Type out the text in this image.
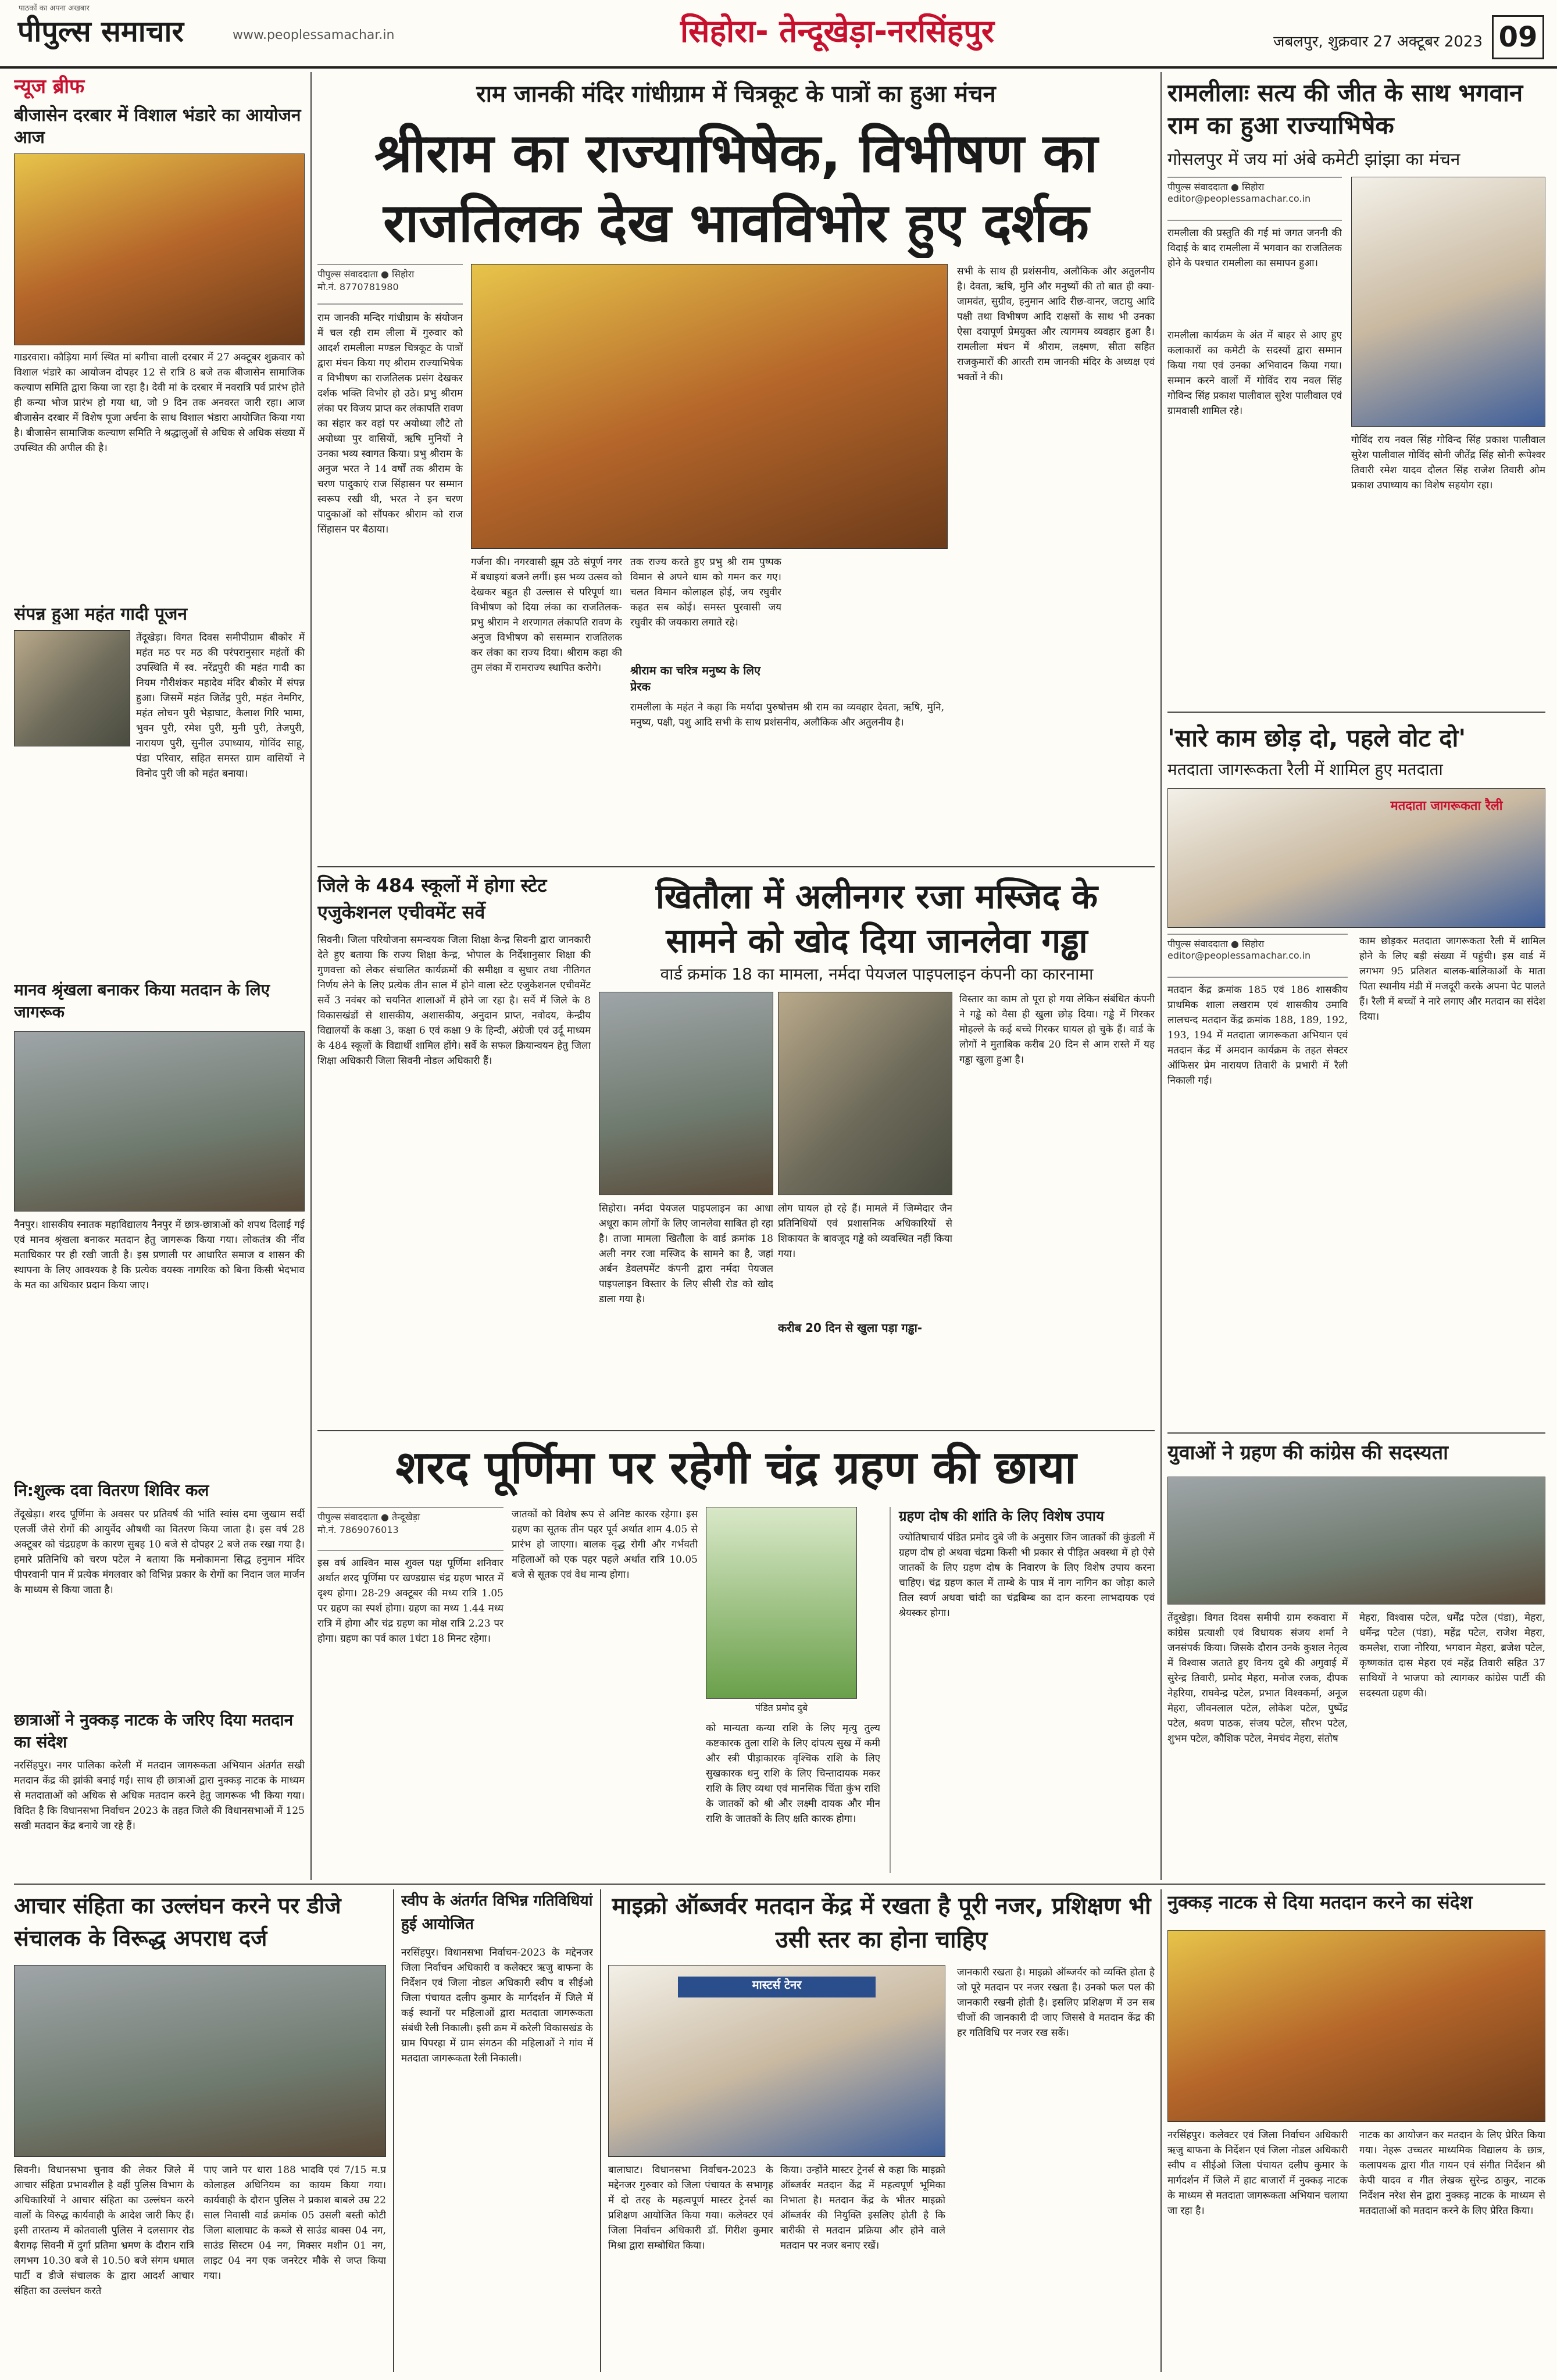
पीपुल्स समाचार
पाठकों का अपना अखबार
www.peoplessamachar.in	सिहोरा- तेन्दूखेड़ा-नरसिंहपुर	जबलपुर, शुक्रवार 27 अक्टूबर 2023 09
न्यूज ब्रीफ
बीजासेन दरबार में विशाल भंडारे का आयोजन आज
गाडरवारा। कौड़िया मार्ग स्थित मां बगीचा वाली दरबार में 27 अक्टूबर शुक्रवार को विशाल भंडारे का आयोजन दोपहर 12 से रात्रि 8 बजे तक बीजासेन सामाजिक कल्याण समिति द्वारा किया जा रहा है। देवी मां के दरबार में नवरात्रि पर्व प्रारंभ होते ही कन्या भोज प्रारंभ हो गया था, जो 9 दिन तक अनवरत जारी रहा। आज बीजासेन दरबार में विशेष पूजा अर्चना के साथ विशाल भंडारा आयोजित किया गया है। बीजासेन सामाजिक कल्याण समिति ने श्रद्धालुओं से अधिक से अधिक संख्या में उपस्थित की अपील की है।
संपन्न हुआ महंत गादी पूजन
तेंदूखेड़ा। विगत दिवस समीपीग्राम बीकोर में महंत मठ पर मठ की परंपरानुसार महंतों की उपस्थिति में स्व. नरेंद्रपुरी की महंत गादी का नियम गौरीशंकर महादेव मंदिर बीकोर में संपन्न हुआ। जिसमें महंत जितेंद्र पुरी, महंत नेमगिर, महंत लोचन पुरी भेड़ाघाट, कैलाश गिरि भामा, भुवन पुरी, रमेश पुरी, मुनी पुरी, तेजपुरी, नारायण पुरी, सुनील उपाध्याय, गोविंद साहू, पंडा परिवार, सहित समस्त ग्राम वासियों ने विनोद पुरी जी को महंत बनाया।
मानव श्रृंखला बनाकर किया मतदान के लिए जागरूक
नैनपुर। शासकीय स्नातक महाविद्यालय नैनपुर में छात्र-छात्राओं को शपथ दिलाई गई एवं मानव श्रृंखला बनाकर मतदान हेतु जागरूक किया गया। लोकतंत्र की नींव मताधिकार पर ही रखी जाती है। इस प्रणाली पर आधारित समाज व शासन की स्थापना के लिए आवश्यक है कि प्रत्येक वयस्क नागरिक को बिना किसी भेदभाव के मत का अधिकार प्रदान किया जाए।
नि:शुल्क दवा वितरण शिविर कल
तेंदूखेड़ा। शरद पूर्णिमा के अवसर पर प्रतिवर्ष की भांति स्वांस दमा जुखाम सर्दी एलर्जी जैसे रोगों की आयुर्वेद औषधी का वितरण किया जाता है। इस वर्ष 28 अक्टूबर को चंद्रग्रहण के कारण सुबह 10 बजे से दोपहर 2 बजे तक रखा गया है। हमारे प्रतिनिधि को चरण पटेल ने बताया कि मनोकामना सिद्ध हनुमान मंदिर पीपरवानी पान में प्रत्येक मंगलवार को विभिन्न प्रकार के रोगों का निदान जल मार्जन के माध्यम से किया जाता है।
छात्राओं ने नुक्कड़ नाटक के जरिए दिया मतदान का संदेश
नरसिंहपुर। नगर पालिका करेली में मतदान जागरूकता अभियान अंतर्गत सखी मतदान केंद्र की झांकी बनाई गई। साथ ही छात्राओं द्वारा नुक्कड़ नाटक के माध्यम से मतदाताओं को अधिक से अधिक मतदान करने हेतु जागरूक भी किया गया। विदित है कि विधानसभा निर्वाचन 2023 के तहत जिले की विधानसभाओं में 125 सखी मतदान केंद्र बनाये जा रहे हैं।
राम जानकी मंदिर गांधीग्राम में चित्रकूट के पात्रों का हुआ मंचन
श्रीराम का राज्याभिषेक, विभीषण का
राजतिलक देख भावविभोर हुए दर्शक
पीपुल्स संवाददाता ● सिहोरा
मो.नं. 8770781980
राम जानकी मन्दिर गांधीग्राम के संयोजन में चल रही राम लीला में गुरुवार को आदर्श रामलीला मण्डल चित्रकूट के पात्रों द्वारा मंचन किया गए श्रीराम राज्याभिषेक व विभीषण का राजतिलक प्रसंग देखकर दर्शक भक्ति विभोर हो उठे। प्रभु श्रीराम लंका पर विजय प्राप्त कर लंकापति रावण का संहार कर वहां पर अयोध्या लौटे तो अयोध्या पुर वासियों, ऋषि मुनियों ने उनका भव्य स्वागत किया। प्रभु श्रीराम के अनुज भरत ने 14 वर्षों तक श्रीराम के चरण पादुकाएं राज सिंहासन पर सम्मान स्वरूप रखी थी, भरत ने इन चरण पादुकाओं को सौंपकर श्रीराम को राज सिंहासन पर बैठाया।
गर्जना की। नगरवासी झूम उठे संपूर्ण नगर में बधाइयां बजने लगीं। इस भव्य उत्सव को देखकर बहुत ही उल्लास से परिपूर्ण था। विभीषण को दिया लंका का राजतिलक- प्रभु श्रीराम ने शरणागत लंकापति रावण के अनुज विभीषण को ससम्मान राजतिलक कर लंका का राज्य दिया। श्रीराम कहा की तुम लंका में रामराज्य स्थापित करोगे।
तक राज्य करते हुए प्रभु श्री राम पुष्पक विमान से अपने धाम को गमन कर गए। चलत विमान कोलाहल होई, जय रघुवीर कहत सब कोई। समस्त पुरवासी जय रघुवीर की जयकारा लगाते रहे।
श्रीराम का चरित्र मनुष्य के लिए प्रेरक
रामलीला के महंत ने कहा कि मर्यादा पुरुषोत्तम श्री राम का व्यवहार देवता, ऋषि, मुनि, मनुष्य, पक्षी, पशु आदि सभी के साथ प्रशंसनीय, अलौकिक और अतुलनीय है।
सभी के साथ ही प्रशंसनीय, अलौकिक और अतुलनीय है। देवता, ऋषि, मुनि और मनुष्यों की तो बात ही क्या- जामवंत, सुग्रीव, हनुमान आदि रीछ-वानर, जटायु आदि पक्षी तथा विभीषण आदि राक्षसों के साथ भी उनका ऐसा दयापूर्ण प्रेमयुक्त और त्यागमय व्यवहार हुआ है। रामलीला मंचन में श्रीराम, लक्ष्मण, सीता सहित राजकुमारों की आरती राम जानकी मंदिर के अध्यक्ष एवं भक्तों ने की।
रामलीलाः सत्य की जीत के साथ भगवान राम का हुआ राज्याभिषेक
गोसलपुर में जय मां अंबे कमेटी झांझा का मंचन
पीपुल्स संवाददाता ● सिहोरा
editor@peoplessamachar.co.in
रामलीला की प्रस्तुति की गई मां जगत जननी की विदाई के बाद रामलीला में भगवान का राजतिलक होने के पश्चात रामलीला का समापन हुआ।
रामलीला कार्यक्रम के अंत में बाहर से आए हुए कलाकारों का कमेटी के सदस्यों द्वारा सम्मान किया गया एवं उनका अभिवादन किया गया। सम्मान करने वालों में गोविंद राय नवल सिंह गोविन्द सिंह प्रकाश पालीवाल सुरेश पालीवाल एवं ग्रामवासी शामिल रहे।
गोविंद राय नवल सिंह गोविन्द सिंह प्रकाश पालीवाल सुरेश पालीवाल गोविंद सोनी जीतेंद्र सिंह सोनी रूपेश्वर तिवारी रमेश यादव दौलत सिंह राजेश तिवारी ओम प्रकाश उपाध्याय का विशेष सहयोग रहा।
'सारे काम छोड़ दो, पहले वोट दो'
मतदाता जागरूकता रैली में शामिल हुए मतदाता
मतदाता जागरूकता रैली
पीपुल्स संवाददाता ● सिहोरा
editor@peoplessamachar.co.in
मतदान केंद्र क्रमांक 185 एवं 186 शासकीय प्राथमिक शाला लखराम एवं शासकीय उमावि लालचन्द मतदान केंद्र क्रमांक 188, 189, 192, 193, 194 में मतदाता जागरूकता अभियान एवं मतदान केंद्र में अमदान कार्यक्रम के तहत सेक्टर ऑफिसर प्रेम नारायण तिवारी के प्रभारी में रैली निकाली गई।
काम छोड़कर मतदाता जागरूकता रैली में शामिल होने के लिए बड़ी संख्या में पहुंची। इस वार्ड में लगभग 95 प्रतिशत बालक-बालिकाओं के माता पिता स्थानीय मंडी में मजदूरी करके अपना पेट पालते हैं। रैली में बच्चों ने नारे लगाए और मतदान का संदेश दिया।
जिले के 484 स्कूलों में होगा स्टेट एजुकेशनल एचीवमेंट सर्वे
सिवनी। जिला परियोजना समन्वयक जिला शिक्षा केन्द्र सिवनी द्वारा जानकारी देते हुए बताया कि राज्य शिक्षा केन्द्र, भोपाल के निर्देशानुसार शिक्षा की गुणवत्ता को लेकर संचालित कार्यक्रमों की समीक्षा व सुधार तथा नीतिगत निर्णय लेने के लिए प्रत्येक तीन साल में होने वाला स्टेट एजुकेशनल एचीवमेंट सर्वे 3 नवंबर को चयनित शालाओं में होने जा रहा है। सर्वे में जिले के 8 विकासखंडों से शासकीय, अशासकीय, अनुदान प्राप्त, नवोदय, केन्द्रीय विद्यालयों के कक्षा 3, कक्षा 6 एवं कक्षा 9 के हिन्दी, अंग्रेजी एवं उर्दू माध्यम के 484 स्कूलों के विद्यार्थी शामिल होंगे। सर्वे के सफल क्रियान्वयन हेतु जिला शिक्षा अधिकारी जिला सिवनी नोडल अधिकारी हैं।
खितौला में अलीनगर रजा मस्जिद के
सामने को खोद दिया जानलेवा गड्ढा
वार्ड क्रमांक 18 का मामला, नर्मदा पेयजल पाइपलाइन कंपनी का कारनामा
विस्तार का काम तो पूरा हो गया लेकिन संबंधित कंपनी ने गड्ढे को वैसा ही खुला छोड़ दिया। गड्ढे में गिरकर मोहल्ले के कई बच्चे गिरकर घायल हो चुके हैं। वार्ड के लोगों ने मुताबिक करीब 20 दिन से आम रास्ते में यह गड्ढा खुला हुआ है।
सिहोरा। नर्मदा पेयजल पाइपलाइन का आधा अधूरा काम लोगों के लिए जानलेवा साबित हो रहा है। ताजा मामला खितौला के वार्ड क्रमांक 18 अली नगर रजा मस्जिद के सामने का है, जहां अर्बन डेवलपमेंट कंपनी द्वारा नर्मदा पेयजल पाइपलाइन विस्तार के लिए सीसी रोड को खोद डाला गया है।
लोग घायल हो रहे हैं। मामले में जिम्मेदार जैन प्रतिनिधियों एवं प्रशासनिक अधिकारियों से शिकायत के बावजूद गड्ढे को व्यवस्थित नहीं किया गया।
करीब 20 दिन से खुला पड़ा गड्ढा-
शरद पूर्णिमा पर रहेगी चंद्र ग्रहण की छाया
पीपुल्स संवाददाता ● तेन्दूखेड़ा
मो.नं. 7869076013
इस वर्ष आश्विन मास शुक्ल पक्ष पूर्णिमा शनिवार अर्थात शरद पूर्णिमा पर खण्डग्रास चंद्र ग्रहण भारत में दृश्य होगा। 28-29 अक्टूबर की मध्य रात्रि 1.05 पर ग्रहण का स्पर्श होगा। ग्रहण का मध्य 1.44 मध्य रात्रि में होगा और चंद्र ग्रहण का मोक्ष रात्रि 2.23 पर होगा। ग्रहण का पर्व काल 1घंटा 18 मिनट रहेगा।
जातकों को विशेष रूप से अनिष्ट कारक रहेगा। इस ग्रहण का सूतक तीन पहर पूर्व अर्थात शाम 4.05 से प्रारंभ हो जाएगा। बालक वृद्ध रोगी और गर्भवती महिलाओं को एक पहर पहले अर्थात रात्रि 10.05 बजे से सूतक एवं वेध मान्य होगा।
पंडित प्रमोद दुबे
को मान्यता कन्या राशि के लिए मृत्यु तुल्य कष्टकारक तुला राशि के लिए दांपत्य सुख में कमी और स्त्री पीड़ाकारक वृश्चिक राशि के लिए सुखकारक धनु राशि के लिए चिन्तादायक मकर राशि के लिए व्यथा एवं मानसिक चिंता कुंभ राशि के जातकों को श्री और लक्ष्मी दायक और मीन राशि के जातकों के लिए क्षति कारक होगा।
ग्रहण दोष की शांति के लिए विशेष उपाय
ज्योतिषाचार्य पंडित प्रमोद दुबे जी के अनुसार जिन जातकों की कुंडली में ग्रहण दोष हो अथवा चंद्रमा किसी भी प्रकार से पीड़ित अवस्था में हो ऐसे जातकों के लिए ग्रहण दोष के निवारण के लिए विशेष उपाय करना चाहिए। चंद्र ग्रहण काल में ताम्बे के पात्र में नाग नागिन का जोड़ा काले तिल स्वर्ण अथवा चांदी का चंद्रबिम्ब का दान करना लाभदायक एवं श्रेयस्कर होगा।
युवाओं ने ग्रहण की कांग्रेस की सदस्यता
तेंदूखेड़ा। विगत दिवस समीपी ग्राम रुकवारा में कांग्रेस प्रत्याशी एवं विधायक संजय शर्मा ने जनसंपर्क किया। जिसके दौरान उनके कुशल नेतृत्व में विश्वास जताते हुए विनय दुबे की अगुवाई में सुरेन्द्र तिवारी, प्रमोद मेहरा, मनोज रजक, दीपक नेहरिया, राघवेन्द्र पटेल, प्रभात विश्वकर्मा, अनूज मेहरा, जीवनलाल पटेल, लोकेश पटेल, पुष्पेंद्र पटेल, श्रवण पाठक, संजय पटेल, सौरभ पटेल, शुभम पटेल, कौशिक पटेल, नेमचंद मेहरा, संतोष
मेहरा, विश्वास पटेल, धर्मेंद्र पटेल (पंडा), मेहरा, धर्मेन्द्र पटेल (पंडा), महेंद्र पटेल, राजेश मेहरा, कमलेश, राजा नोरिया, भगवान मेहरा, ब्रजेश पटेल, कृष्णकांत दास मेहरा एवं महेंद्र तिवारी सहित 37 साथियों ने भाजपा को त्यागकर कांग्रेस पार्टी की सदस्यता ग्रहण की।
आचार संहिता का उल्लंघन करने पर डीजे संचालक के विरूद्ध अपराध दर्ज
सिवनी। विधानसभा चुनाव की लेकर जिले में आचार संहिता प्रभावशील है वहीं पुलिस विभाग के अधिकारियों ने आचार संहिता का उल्लंघन करने वालों के विरुद्ध कार्यवाही के आदेश जारी किए हैं। इसी तारतम्य में कोतवाली पुलिस ने दलसागर रोड बैरागढ़ सिवनी में दुर्गा प्रतिमा भ्रमण के दौरान रात्रि लगभग 10.30 बजे से 10.50 बजे संगम धमाल पार्टी व डीजे संचालक के द्वारा आदर्श आचार संहिता का उल्लंघन करते
पाए जाने पर धारा 188 भादवि एवं 7/15 म.प्र कोलाहल अधिनियम का कायम किया गया। कार्यवाही के दौरान पुलिस ने प्रकाश बाबले उम्र 22 साल निवासी वार्ड क्रमांक 05 उसली बस्ती कोटी जिला बालाघाट के कब्जे से साउंड बाक्स 04 नग, साउंड सिस्टम 04 नग, मिक्सर मशीन 01 नग, लाइट 04 नग एक जनरेटर मौके से जप्त किया गया।
स्वीप के अंतर्गत विभिन्न गतिविधियां हुई आयोजित
नरसिंहपुर। विधानसभा निर्वाचन-2023 के मद्देनजर जिला निर्वाचन अधिकारी व कलेक्टर ऋजु बाफना के निर्देशन एवं जिला नोडल अधिकारी स्वीप व सीईओ जिला पंचायत दलीप कुमार के मार्गदर्शन में जिले में कई स्थानों पर महिलाओं द्वारा मतदाता जागरूकता संबंधी रैली निकाली। इसी क्रम में करेली विकासखंड के ग्राम पिपरहा में ग्राम संगठन की महिलाओं ने गांव में मतदाता जागरूकता रैली निकाली।
माइक्रो ऑब्जर्वर मतदान केंद्र में रखता है पूरी नजर, प्रशिक्षण भी उसी स्तर का होना चाहिए
मास्टर्स टेनर
जानकारी रखता है। माइक्रो ऑब्जर्वर को व्यक्ति होता है जो पूरे मतदान पर नजर रखता है। उनको फल पल की जानकारी रखनी होती है। इसलिए प्रशिक्षण में उन सब चीजों की जानकारी दी जाए जिससे वे मतदान केंद्र की हर गतिविधि पर नजर रख सकें।
बालाघाट। विधानसभा निर्वाचन-2023 के मद्देनजर गुरुवार को जिला पंचायत के सभागृह में दो तरह के महत्वपूर्ण मास्टर ट्रेनर्स का प्रशिक्षण आयोजित किया गया। कलेक्टर एवं जिला निर्वाचन अधिकारी डॉ. गिरीश कुमार मिश्रा द्वारा सम्बोधित किया।
किया। उन्होंने मास्टर ट्रेनर्स से कहा कि माइक्रो ऑब्जर्वर मतदान केंद्र में महत्वपूर्ण भूमिका निभाता है। मतदान केंद्र के भीतर माइक्रो ऑब्जर्वर की नियुक्ति इसलिए होती है कि बारीकी से मतदान प्रक्रिया और होने वाले मतदान पर नजर बनाए रखें।
नुक्कड़ नाटक से दिया मतदान करने का संदेश
नरसिंहपुर। कलेक्टर एवं जिला निर्वाचन अधिकारी ऋजु बाफना के निर्देशन एवं जिला नोडल अधिकारी स्वीप व सीईओ जिला पंचायत दलीप कुमार के मार्गदर्शन में जिले में हाट बाजारों में नुक्कड़ नाटक के माध्यम से मतदाता जागरूकता अभियान चलाया जा रहा है।
नाटक का आयोजन कर मतदान के लिए प्रेरित किया गया। नेहरू उच्चतर माध्यमिक विद्यालय के छात्र, कलापथक द्वारा गीत गायन एवं संगीत निर्देशन श्री केपी यादव व गीत लेखक सुरेन्द्र ठाकुर, नाटक निर्देशन नरेश सेन द्वारा नुक्कड़ नाटक के माध्यम से मतदाताओं को मतदान करने के लिए प्रेरित किया।
